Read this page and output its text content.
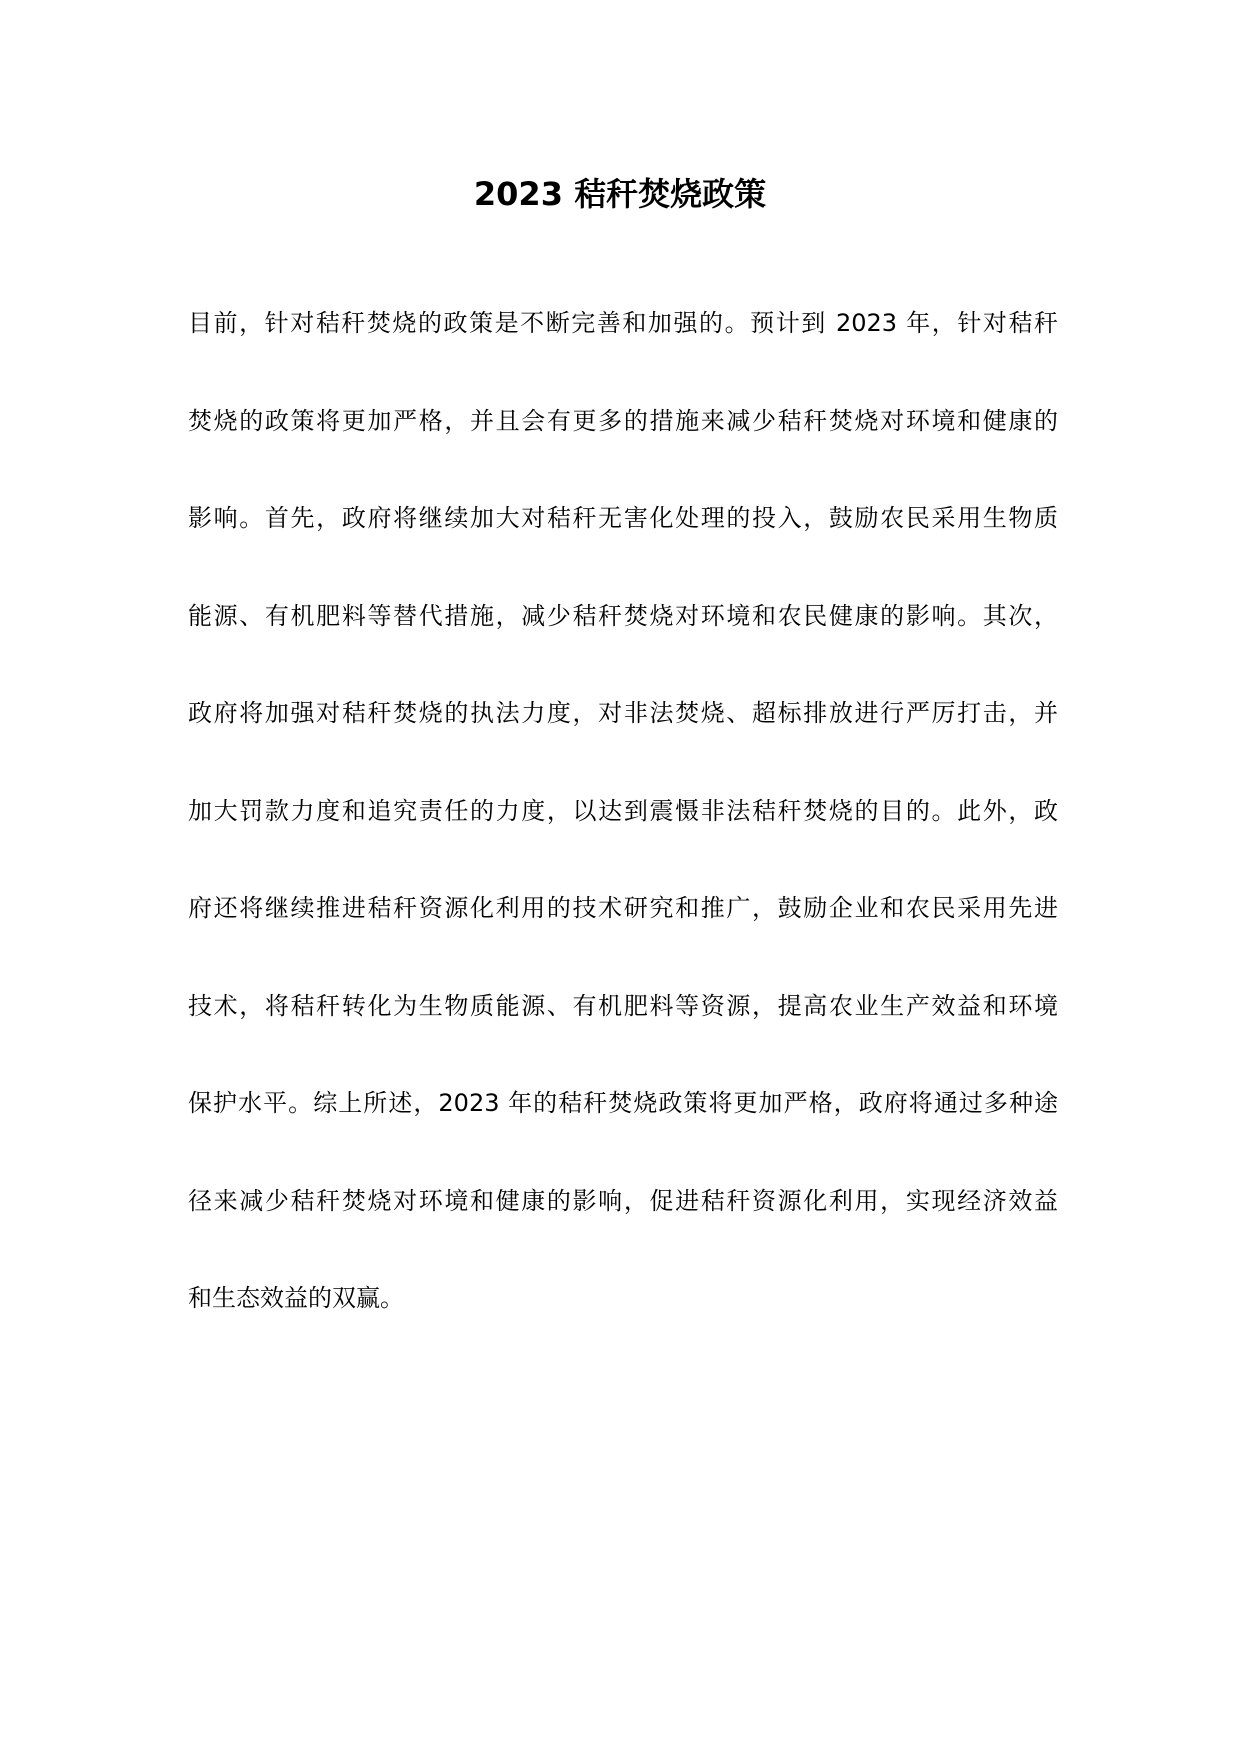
2023 秸秆焚烧政策
目前，针对秸秆焚烧的政策是不断完善和加强的。预计到 2023 年，针对秸秆
焚烧的政策将更加严格，并且会有更多的措施来减少秸秆焚烧对环境和健康的
影响。首先，政府将继续加大对秸秆无害化处理的投入，鼓励农民采用生物质
能源、有机肥料等替代措施，减少秸秆焚烧对环境和农民健康的影响。其次，
政府将加强对秸秆焚烧的执法力度，对非法焚烧、超标排放进行严厉打击，并
加大罚款力度和追究责任的力度，以达到震慑非法秸秆焚烧的目的。此外，政
府还将继续推进秸秆资源化利用的技术研究和推广，鼓励企业和农民采用先进
技术，将秸秆转化为生物质能源、有机肥料等资源，提高农业生产效益和环境
保护水平。综上所述，2023 年的秸秆焚烧政策将更加严格，政府将通过多种途
径来减少秸秆焚烧对环境和健康的影响，促进秸秆资源化利用，实现经济效益
和生态效益的双赢。
